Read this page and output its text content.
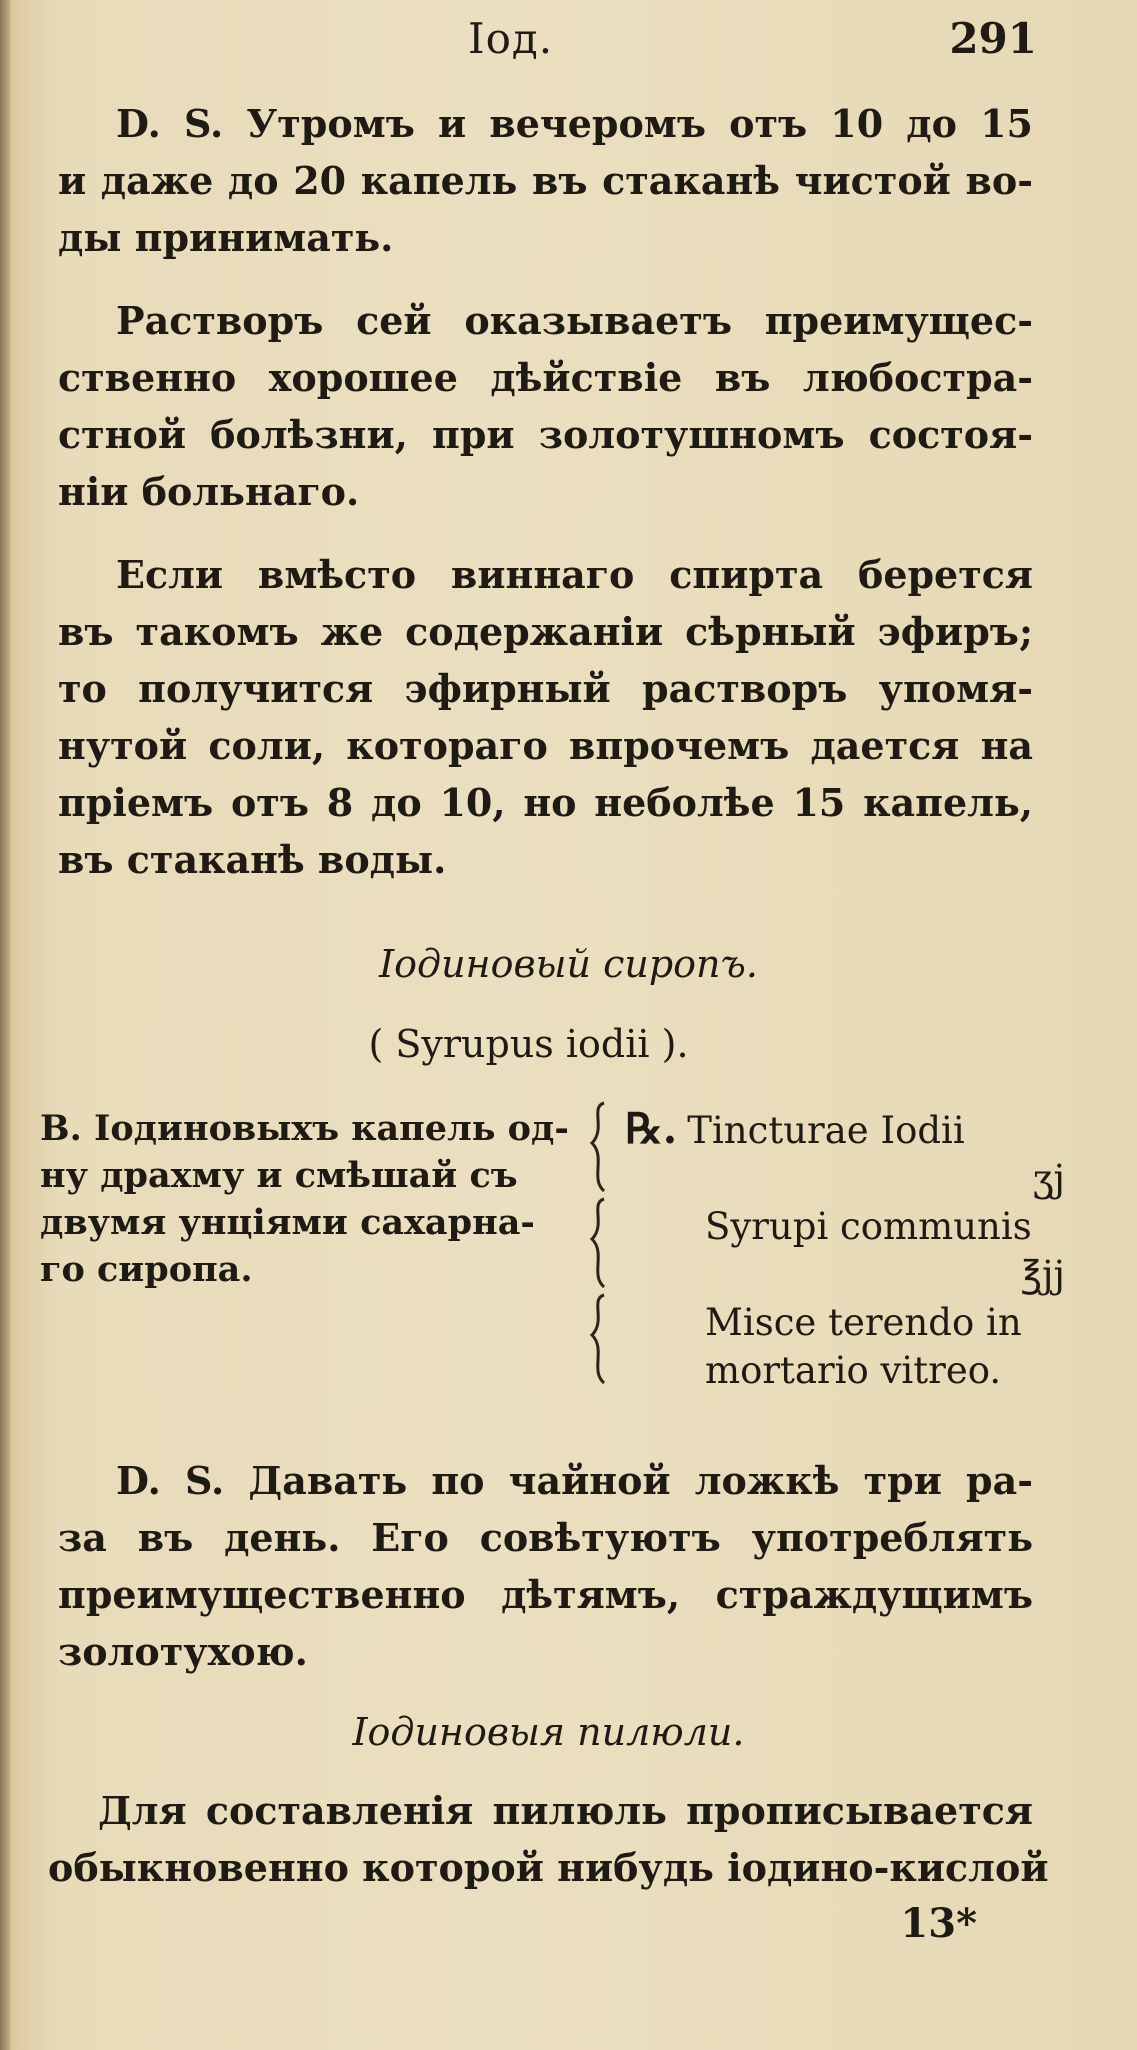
Iод.	291
D. S. Утромъ и вечеромъ отъ 10 до 15
и даже до 20 капель въ стаканѣ чистой во-
ды принимать.
Растворъ сей оказываетъ преимущес-
ственно хорошее дѣйствіе въ любостра-
стной болѣзни, при золотушномъ состоя-
ніи больнаго.
Если вмѣсто виннаго спирта берется
въ такомъ же содержаніи сѣрный эфиръ;
то получится эфирный растворъ упомя-
нутой соли, котораго впрочемъ дается на
пріемъ отъ 8 до 10, но неболѣе 15 капель,
въ стаканѣ воды.
Iодиновый сиропъ.
( Syrupus iodii ).
В. Iодиновыхъ капель од-
ну драхму и смѣшай съ
двумя унціями сахарна-
го сиропа.
℞. Tincturae Iodii
ʒj
Syrupi communis
℥jj
Misce terendo in
mortario vitreo.
D. S. Давать по чайной ложкѣ три ра-
за въ день. Его совѣтуютъ употреблять
преимущественно дѣтямъ, страждущимъ
золотухою.
Iодиновыя пилюли.
Для составленія пилюль прописывается
обыкновенно которой нибудь іодино-кислой
13*
